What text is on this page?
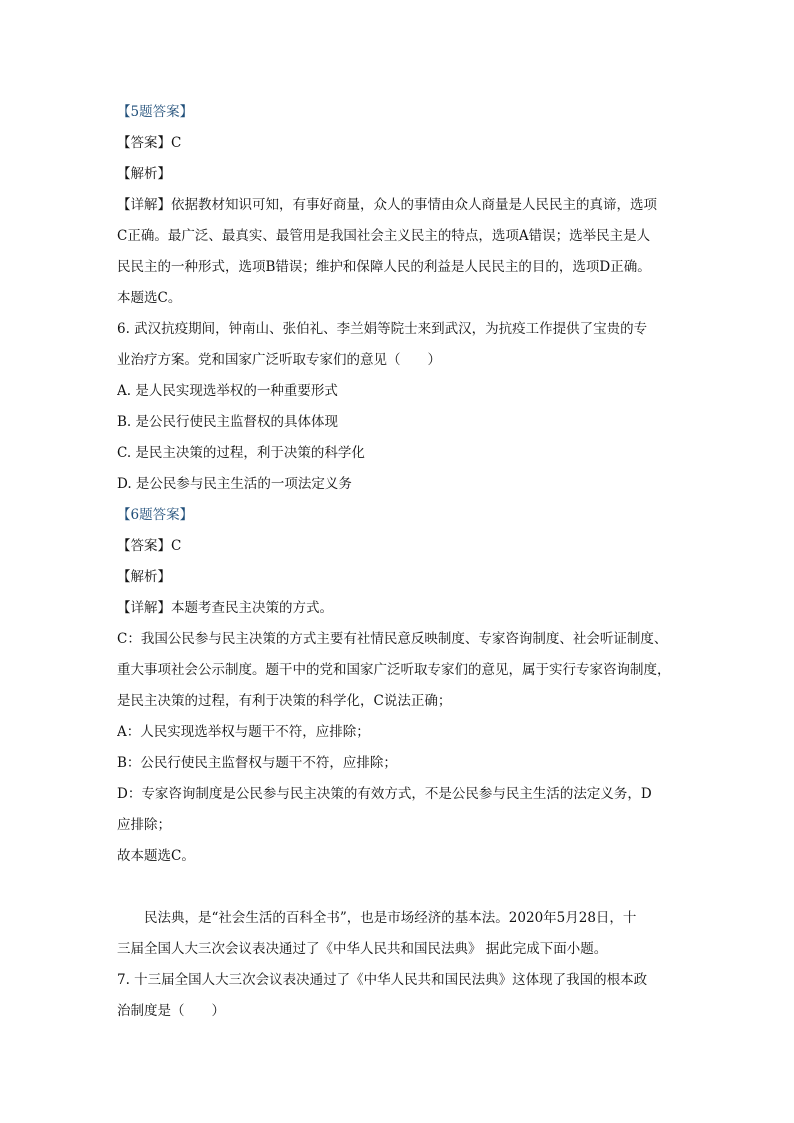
【5题答案】
【答案】C
【解析】
【详解】依据教材知识可知，有事好商量，众人的事情由众人商量是人民民主的真谛，选项
C正确。最广泛、最真实、最管用是我国社会主义民主的特点，选项A错误；选举民主是人
民民主的一种形式，选项B错误；维护和保障人民的利益是人民民主的目的，选项D正确。
本题选C。
6. 武汉抗疫期间，钟南山、张伯礼、李兰娟等院士来到武汉，为抗疫工作提供了宝贵的专
业治疗方案。党和国家广泛听取专家们的意见（　　）
A. 是人民实现选举权的一种重要形式
B. 是公民行使民主监督权的具体体现
C. 是民主决策的过程，利于决策的科学化
D. 是公民参与民主生活的一项法定义务
【6题答案】
【答案】C
【解析】
【详解】本题考查民主决策的方式。
C：我国公民参与民主决策的方式主要有社情民意反映制度、专家咨询制度、社会听证制度、
重大事项社会公示制度。题干中的党和国家广泛听取专家们的意见，属于实行专家咨询制度，
是民主决策的过程，有利于决策的科学化，C说法正确；
A：人民实现选举权与题干不符，应排除；
B：公民行使民主监督权与题干不符，应排除；
D：专家咨询制度是公民参与民主决策的有效方式，不是公民参与民主生活的法定义务，D
应排除；
故本题选C。
民法典，是“社会生活的百科全书”，也是市场经济的基本法。2020年5月28日，十
三届全国人大三次会议表决通过了《中华人民共和国民法典》 据此完成下面小题。
7. 十三届全国人大三次会议表决通过了《中华人民共和国民法典》这体现了我国的根本政
治制度是（　　）
